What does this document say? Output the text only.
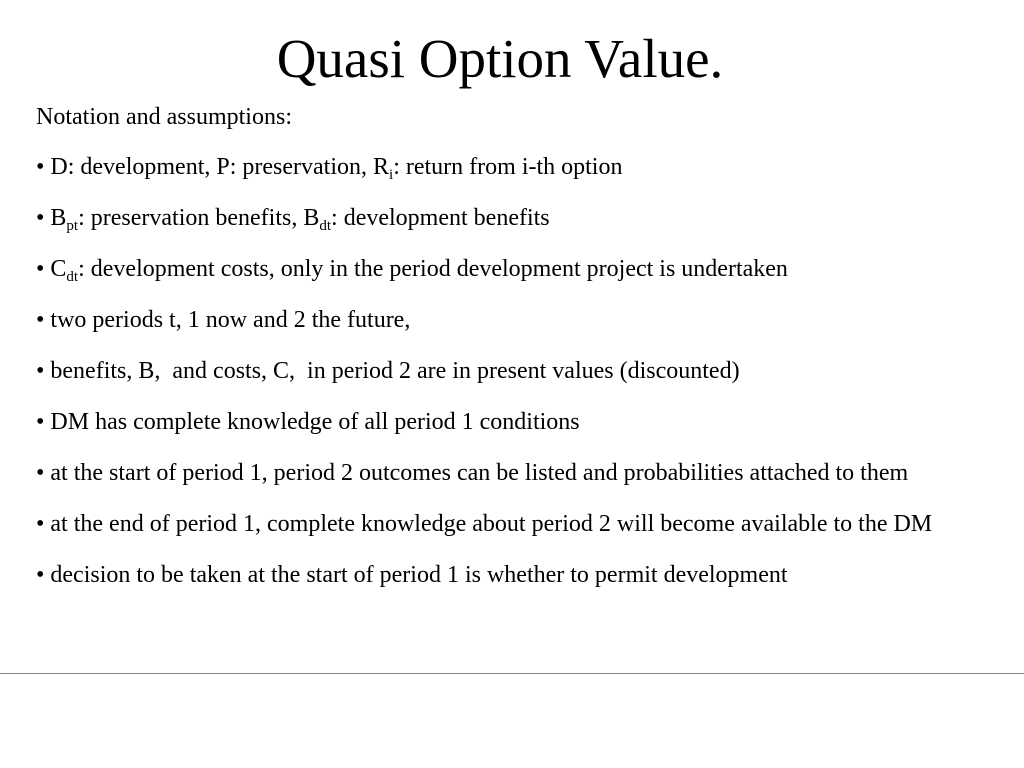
Quasi Option Value.

Notation and assumptions:

• D: development, P: preservation, $R_i$: return from i-th option

• $B_{pt}$: preservation benefits, $B_{dt}$: development benefits

• $C_{dt}$: development costs, only in the period development project is undertaken

• two periods t, 1 now and 2 the future,

• benefits, B,  and costs, C,  in period 2 are in present values (discounted)

• DM has complete knowledge of all period 1 conditions

• at the start of period 1, period 2 outcomes can be listed and probabilities attached to them

• at the end of period 1, complete knowledge about period 2 will become available to the DM

• decision to be taken at the start of period 1 is whether to permit development
